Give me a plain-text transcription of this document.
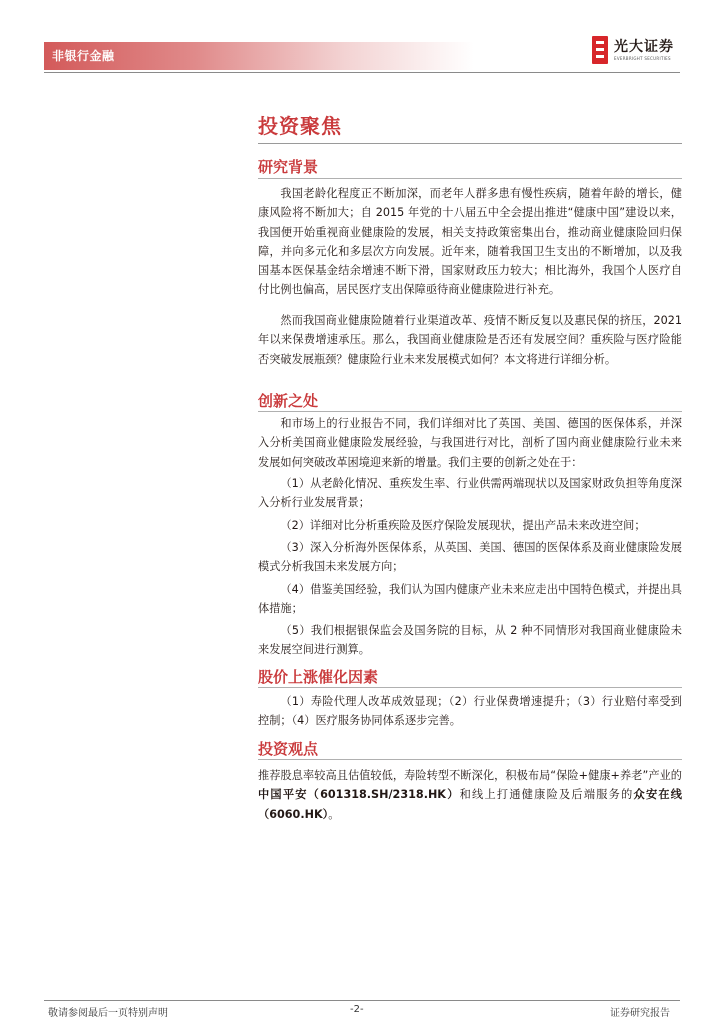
非银行金融
光大证券
EVERBRIGHT SECURITIES
投资聚焦
研究背景

我国老龄化程度正不断加深，而老年人群多患有慢性疾病，随着年龄的增长，健康风险将不断加大；自 2015 年党的十八届五中全会提出推进“健康中国”建设以来，我国便开始重视商业健康险的发展，相关支持政策密集出台，推动商业健康险回归保障，并向多元化和多层次方向发展。近年来，随着我国卫生支出的不断增加，以及我国基本医保基金结余增速不断下滑，国家财政压力较大；相比海外，我国个人医疗自付比例也偏高，居民医疗支出保障亟待商业健康险进行补充。

然而我国商业健康险随着行业渠道改革、疫情不断反复以及惠民保的挤压，2021 年以来保费增速承压。那么，我国商业健康险是否还有发展空间？重疾险与医疗险能否突破发展瓶颈？健康险行业未来发展模式如何？本文将进行详细分析。

创新之处

和市场上的行业报告不同，我们详细对比了英国、美国、德国的医保体系，并深入分析美国商业健康险发展经验，与我国进行对比，剖析了国内商业健康险行业未来发展如何突破改革困境迎来新的增量。我们主要的创新之处在于：

（1）从老龄化情况、重疾发生率、行业供需两端现状以及国家财政负担等角度深入分析行业发展背景；

（2）详细对比分析重疾险及医疗保险发展现状，提出产品未来改进空间；

（3）深入分析海外医保体系，从英国、美国、德国的医保体系及商业健康险发展模式分析我国未来发展方向；

（4）借鉴美国经验，我们认为国内健康产业未来应走出中国特色模式，并提出具体措施；

（5）我们根据银保监会及国务院的目标，从 2 种不同情形对我国商业健康险未来发展空间进行测算。

股价上涨催化因素

（1）寿险代理人改革成效显现；（2）行业保费增速提升；（3）行业赔付率受到控制；（4）医疗服务协同体系逐步完善。

投资观点

推荐股息率较高且估值较低，寿险转型不断深化，积极布局“保险+健康+养老”产业的中国平安（601318.SH/2318.HK）和线上打通健康险及后端服务的众安在线（6060.HK）。

敬请参阅最后一页特别声明	-2-	证券研究报告
